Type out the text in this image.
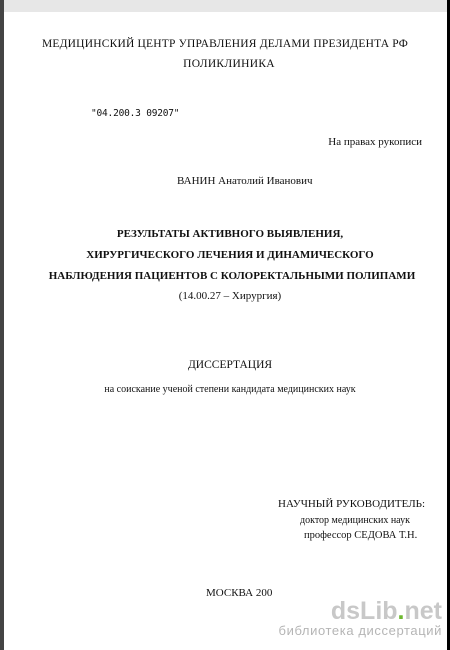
МЕДИЦИНСКИЙ ЦЕНТР УПРАВЛЕНИЯ ДЕЛАМИ ПРЕЗИДЕНТА РФ
ПОЛИКЛИНИКА
"04.200.3 09207"
На правах рукописи
ВАНИН Анатолий Иванович
РЕЗУЛЬТАТЫ АКТИВНОГО ВЫЯВЛЕНИЯ,
ХИРУРГИЧЕСКОГО ЛЕЧЕНИЯ И ДИНАМИЧЕСКОГО
НАБЛЮДЕНИЯ ПАЦИЕНТОВ С КОЛОРЕКТАЛЬНЫМИ ПОЛИПАМИ
(14.00.27 – Хирургия)
ДИССЕРТАЦИЯ
на соискание ученой степени кандидата медицинских наук
НАУЧНЫЙ РУКОВОДИТЕЛЬ:
доктор медицинских наук
профессор СЕДОВА Т.Н.
МОСКВА 200
dsLib.net
библиотека диссертаций
